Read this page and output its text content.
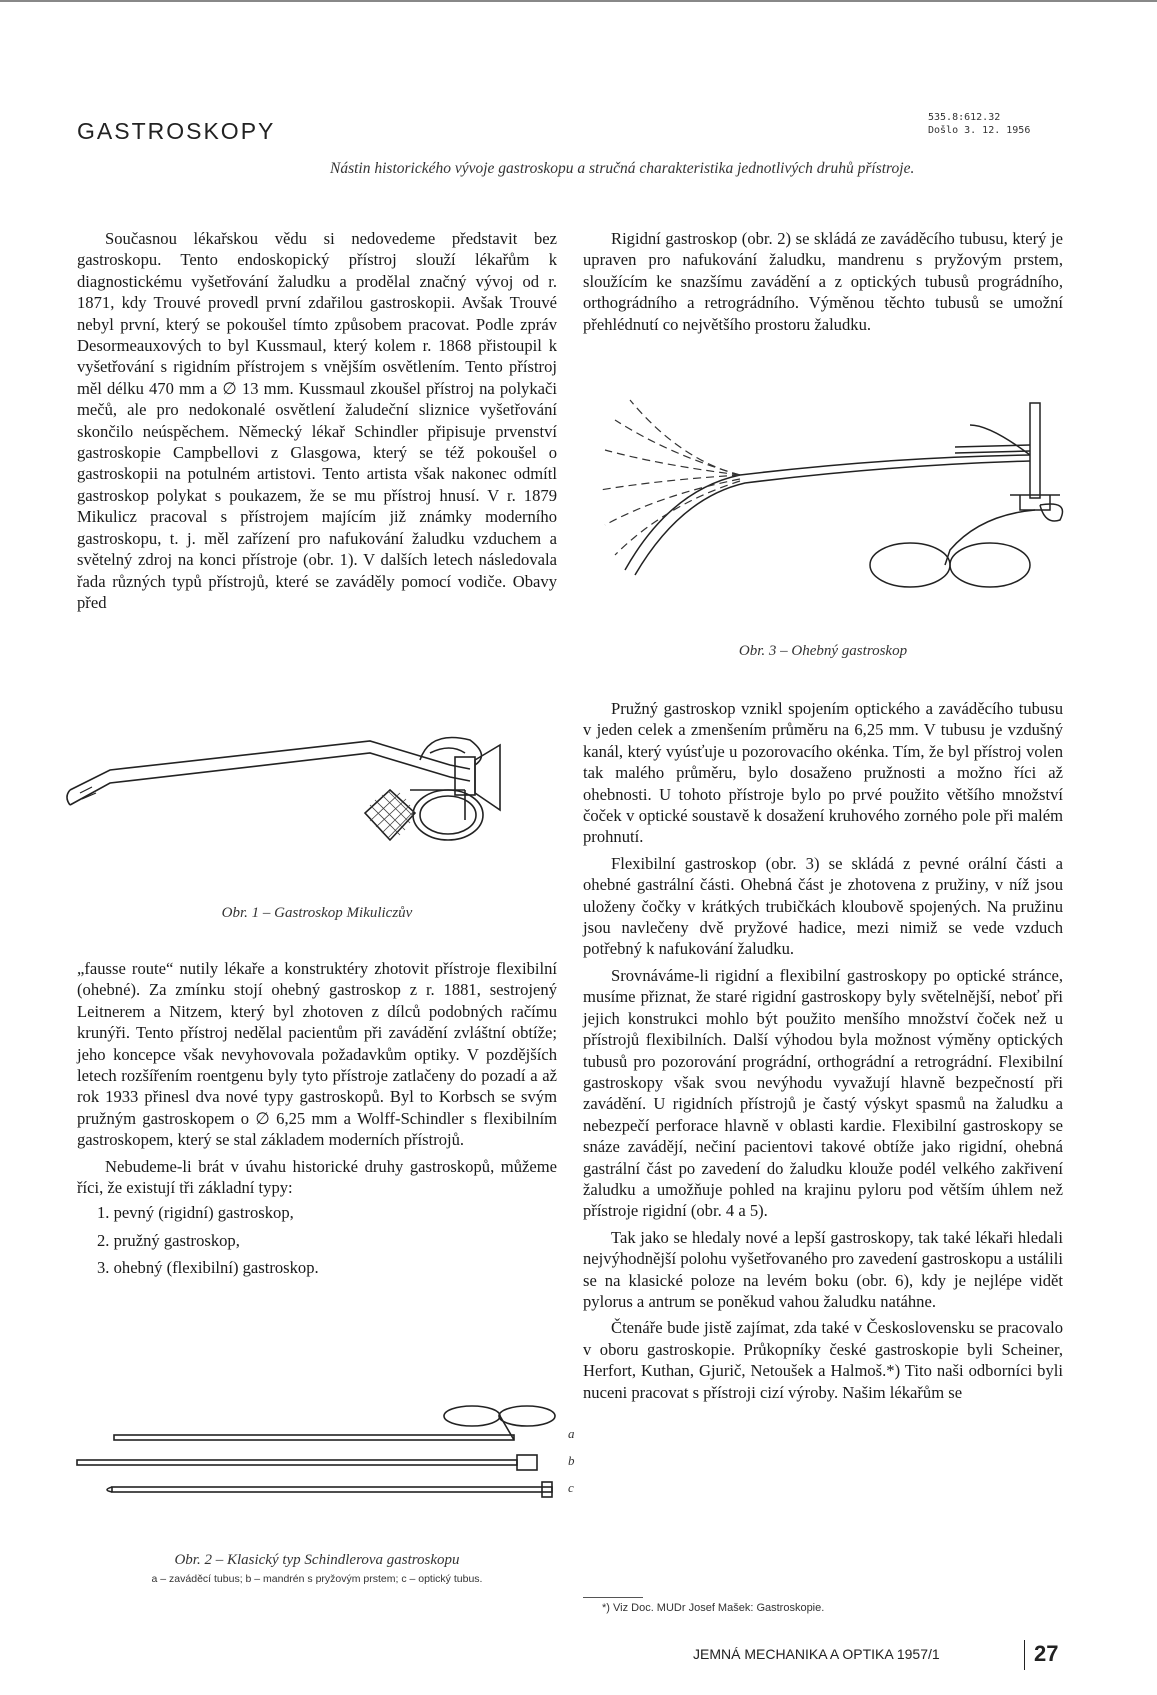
GASTROSKOPY
535.8:612.32
Došlo 3. 12. 1956
Nástin historického vývoje gastroskopu a stručná charakteristika jednotlivých druhů přístroje.

Současnou lékařskou vědu si nedovedeme představit bez gastroskopu. Tento endoskopický přístroj slouží lékařům k diagnostickému vyšetřování žaludku a prodělal značný vývoj od r. 1871, kdy Trouvé provedl první zdařilou gastroskopii. Avšak Trouvé nebyl první, který se pokoušel tímto způsobem pracovat. Podle zpráv Desormeauxových to byl Kussmaul, který kolem r. 1868 přistoupil k vyšetřování s rigidním přístrojem s vnějším osvětlením. Tento přístroj měl délku 470 mm a ∅ 13 mm. Kussmaul zkoušel přístroj na polykači mečů, ale pro nedokonalé osvětlení žaludeční sliznice vyšetřování skončilo neúspěchem. Německý lékař Schindler připisuje prvenství gastroskopie Campbellovi z Glasgowa, který se též pokoušel o gastroskopii na potulném artistovi. Tento artista však nakonec odmítl gastroskop polykat s poukazem, že se mu přístroj hnusí. V r. 1879 Mikulicz pracoval s přístrojem majícím již známky moderního gastroskopu, t. j. měl zařízení pro nafukování žaludku vzduchem a světelný zdroj na konci přístroje (obr. 1). V dalších letech následovala řada různých typů přístrojů, které se zaváděly pomocí vodiče. Obavy před

Obr. 1 – Gastroskop Mikuliczův

„fausse route“ nutily lékaře a konstruktéry zhotovit přístroje flexibilní (ohebné). Za zmínku stojí ohebný gastroskop z r. 1881, sestrojený Leitnerem a Nitzem, který byl zhotoven z dílců podobných račímu krunýři. Tento přístroj nedělal pacientům při zavádění zvláštní obtíže; jeho koncepce však nevyhovovala požadavkům optiky. V pozdějších letech rozšířením roentgenu byly tyto přístroje zatlačeny do pozadí a až rok 1933 přinesl dva nové typy gastroskopů. Byl to Korbsch se svým pružným gastroskopem o ∅ 6,25 mm a Wolff-Schindler s flexibilním gastroskopem, který se stal základem moderních přístrojů.

Nebudeme-li brát v úvahu historické druhy gastroskopů, můžeme říci, že existují tři základní typy:

1. pevný (rigidní) gastroskop,
2. pružný gastroskop,
3. ohebný (flexibilní) gastroskop.
a
b
c
Obr. 2 – Klasický typ Schindlerova gastroskopu
a – zaváděcí tubus; b – mandrén s pryžovým prstem; c – optický tubus.

Rigidní gastroskop (obr. 2) se skládá ze zaváděcího tubusu, který je upraven pro nafukování žaludku, mandrenu s pryžovým prstem, sloužícím ke snazšímu zavádění a z optických tubusů prográdního, orthográdního a retrográdního. Výměnou těchto tubusů se umožní přehlédnutí co největšího prostoru žaludku.

Obr. 3 – Ohebný gastroskop

Pružný gastroskop vznikl spojením optického a zaváděcího tubusu v jeden celek a zmenšením průměru na 6,25 mm. V tubusu je vzdušný kanál, který vyúsťuje u pozorovacího okénka. Tím, že byl přístroj volen tak malého průměru, bylo dosaženo pružnosti a možno říci až ohebnosti. U tohoto přístroje bylo po prvé použito většího množství čoček v optické soustavě k dosažení kruhového zorného pole při malém prohnutí.

Flexibilní gastroskop (obr. 3) se skládá z pevné orální části a ohebné gastrální části. Ohebná část je zhotovena z pružiny, v níž jsou uloženy čočky v krátkých trubičkách kloubově spojených. Na pružinu jsou navlečeny dvě pryžové hadice, mezi nimiž se vede vzduch potřebný k nafukování žaludku.

Srovnáváme-li rigidní a flexibilní gastroskopy po optické stránce, musíme přiznat, že staré rigidní gastroskopy byly světelnější, neboť při jejich konstrukci mohlo být použito menšího množství čoček než u přístrojů flexibilních. Další výhodou byla možnost výměny optických tubusů pro pozorování prográdní, orthográdní a retrográdní. Flexibilní gastroskopy však svou nevýhodu vyvažují hlavně bezpečností při zavádění. U rigidních přístrojů je častý výskyt spasmů na žaludku a nebezpečí perforace hlavně v oblasti kardie. Flexibilní gastroskopy se snáze zavádějí, nečiní pacientovi takové obtíže jako rigidní, ohebná gastrální část po zavedení do žaludku klouže podél velkého zakřivení žaludku a umožňuje pohled na krajinu pyloru pod větším úhlem než přístroje rigidní (obr. 4 a 5).

Tak jako se hledaly nové a lepší gastroskopy, tak také lékaři hledali nejvýhodnější polohu vyšetřovaného pro zavedení gastroskopu a ustálili se na klasické poloze na levém boku (obr. 6), kdy je nejlépe vidět pylorus a antrum se poněkud vahou žaludku natáhne.

Čtenáře bude jistě zajímat, zda také v Československu se pracovalo v oboru gastroskopie. Průkopníky české gastroskopie byli Scheiner, Herfort, Kuthan, Gjurič, Netoušek a Halmoš.*) Tito naši odborníci byli nuceni pracovat s přístroji cizí výroby. Našim lékařům se

*) Viz Doc. MUDr Josef Mašek: Gastroskopie.
JEMNÁ MECHANIKA A OPTIKA 1957/1	27
